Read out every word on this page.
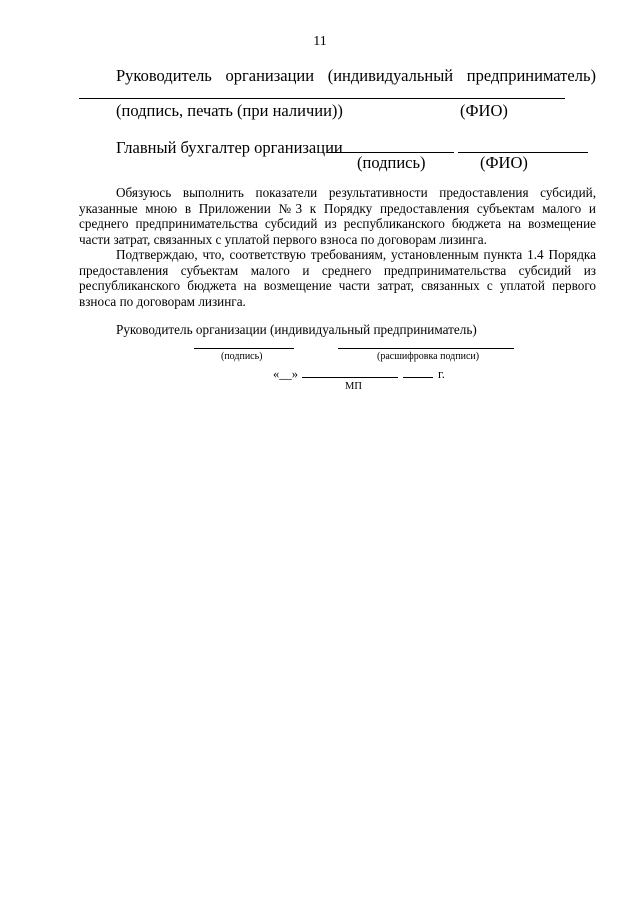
11
Руководитель организации (индивидуальный предприниматель)
(подпись, печать (при наличии))	(ФИО)
Главный бухгалтер организации
(подпись)	(ФИО)
Обязуюсь выполнить показатели результативности предоставления субсидий, указанные мною в Приложении №3 к Порядку предоставления субъектам малого и среднего предпринимательства субсидий из республиканского бюджета на возмещение части затрат, связанных с уплатой первого взноса по договорам лизинга.
Подтверждаю, что, соответствую требованиям, установленным пункта 1.4 Порядка предоставления субъектам малого и среднего предпринимательства субсидий из республиканского бюджета на возмещение части затрат, связанных с уплатой первого взноса по договорам лизинга.
Руководитель организации (индивидуальный предприниматель)
(подпись)	(расшифровка подписи)
«__»	г.
МП
